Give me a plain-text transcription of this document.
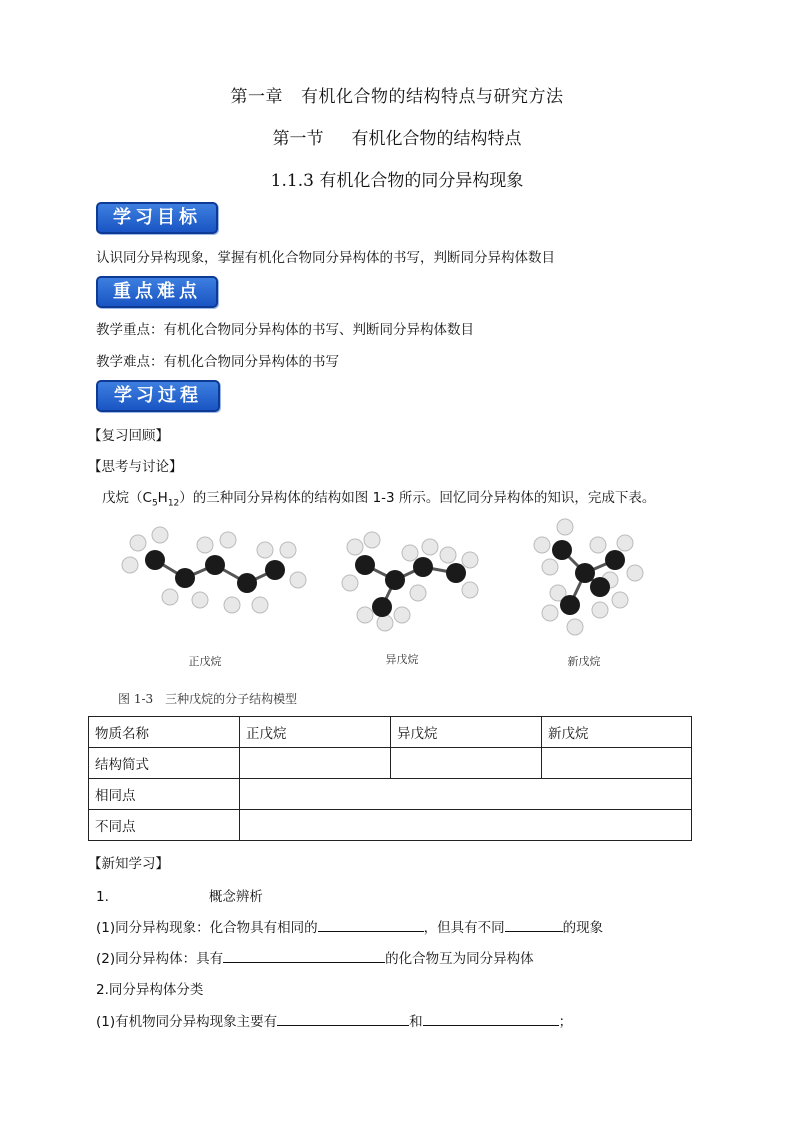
第一章 有机化合物的结构特点与研究方法
第一节 有机化合物的结构特点
1.1.3 有机化合物的同分异构现象
学习目标
认识同分异构现象，掌握有机化合物同分异构体的书写，判断同分异构体数目
重点难点
教学重点：有机化合物同分异构体的书写、判断同分异构体数目
教学难点：有机化合物同分异构体的书写
学习过程
【复习回顾】
【思考与讨论】
戊烷$(C_5H_{12})$的三种同分异构体的结构如图 1-3 所示。回忆同分异构体的知识，完成下表。
正戊烷	异戊烷	新戊烷
图 1-3　三种戊烷的分子结构模型
物质名称	正戊烷	异戊烷	新戊烷
结构简式			
相同点			
不同点			
【新知学习】
1.	概念辨析
(1)同分异构现象：化合物具有相同的	，但具有不同	的现象
(2)同分异构体：具有	的化合物互为同分异构体
2.同分异构体分类
(1)有机物同分异构现象主要有	和	；
